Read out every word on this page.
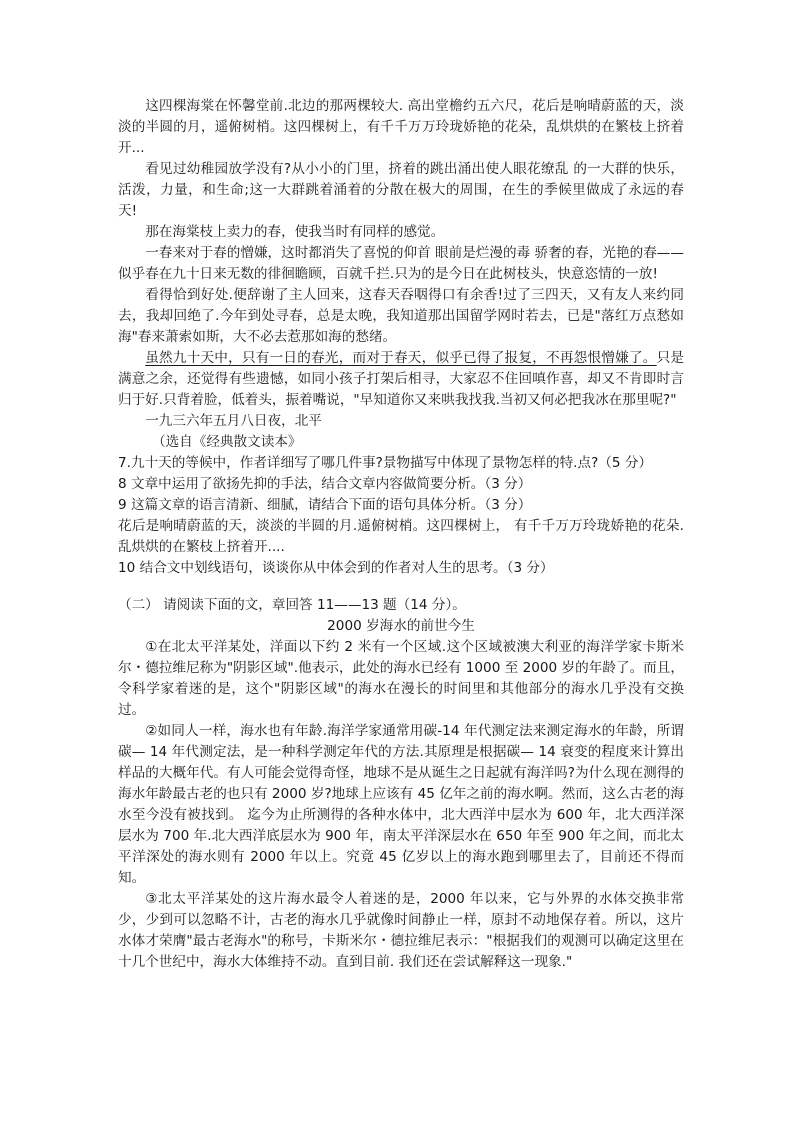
这四棵海棠在怀馨堂前.北边的那两棵较大. 高出堂檐约五六尺，花后是响晴蔚蓝的天，淡淡的半圆的月，遥俯树梢。这四棵树上，有千千万万玲珑娇艳的花朵，乱烘烘的在繁枝上挤着开...

看见过幼稚园放学没有?从小小的门里，挤着的跳出涌出使人眼花缭乱 的一大群的快乐，活泼，力量，和生命;这一大群跳着涌着的分散在极大的周围，在生的季候里做成了永远的春天!

那在海棠枝上卖力的春，使我当时有同样的感觉。

一春来对于春的憎嫌，这时都消失了喜悦的仰首 眼前是烂漫的毒 骄奢的春，光艳的春——似乎春在九十日来无数的徘徊瞻顾，百就千拦.只为的是今日在此树枝头，快意恣情的一放!

看得恰到好处.便辞谢了主人回来，这春天吞咽得口有余香!过了三四天，又有友人来约同去，我却回绝了.今年到处寻春，总是太晚，我知道那出国留学网时若去，已是"落红万点愁如海"春来萧索如斯，大不必去惹那如海的愁绪。

虽然九十天中，只有一日的春光，而对于春天，似乎已得了报复，不再怨恨憎嫌了。只是满意之余，还觉得有些遗憾，如同小孩子打架后相寻，大家忍不住回嗔作喜，却又不肯即时言归于好.只背着脸，低着头，振着嘴说，"早知道你又来哄我找我.当初又何必把我冰在那里呢?"

一九三六年五月八日夜，北平

（选自《经典散文读本》

7.九十天的等候中，作者详细写了哪几件事?景物描写中体现了景物怎样的特.点?（5 分）

8 文章中运用了欲扬先抑的手法，结合文章内容做简要分析。（3 分）

9 这篇文章的语言清新、细腻，请结合下面的语句具体分析。（3 分）

花后是响晴蔚蓝的天，淡淡的半圆的月.遥俯树梢。这四棵树上， 有千千万万玲珑娇艳的花朵.乱烘烘的在繁枝上挤着开....

10 结合文中划线语句，谈谈你从中体会到的作者对人生的思考。（3 分）

（二） 请阅读下面的文，章回答 11——13 题（14 分）。

2000 岁海水的前世今生

①在北太平洋某处，洋面以下约 2 米有一个区域.这个区域被澳大利亚的海洋学家卡斯米尔・德拉维尼称为"阴影区域".他表示，此处的海水已经有 1000 至 2000 岁的年龄了。而且，令科学家着迷的是，这个"阴影区域"的海水在漫长的时间里和其他部分的海水几乎没有交换过。

②如同人一样，海水也有年龄.海洋学家通常用碳-14 年代测定法来测定海水的年龄，所谓碳— 14 年代测定法，是一种科学测定年代的方法.其原理是根据碳— 14 衰变的程度来计算出样品的大概年代。有人可能会觉得奇怪，地球不是从诞生之日起就有海洋吗?为什么现在测得的海水年龄最古老的也只有 2000 岁?地球上应该有 45 亿年之前的海水啊。然而，这么古老的海水至今没有被找到。 迄今为止所测得的各种水体中，北大西洋中层水为 600 年，北大西洋深层水为 700 年.北大西洋底层水为 900 年，南太平洋深层水在 650 年至 900 年之间，而北太平洋深处的海水则有 2000 年以上。究竟 45 亿岁以上的海水跑到哪里去了，目前还不得而知。

③北太平洋某处的这片海水最令人着迷的是，2000 年以来，它与外界的水体交换非常少，少到可以忽略不计，古老的海水几乎就像时间静止一样，原封不动地保存着。所以，这片水体才荣膺"最古老海水"的称号，卡斯米尔・德拉维尼表示："根据我们的观测可以确定这里在十几个世纪中，海水大体维持不动。直到目前. 我们还在尝试解释这一现象."
